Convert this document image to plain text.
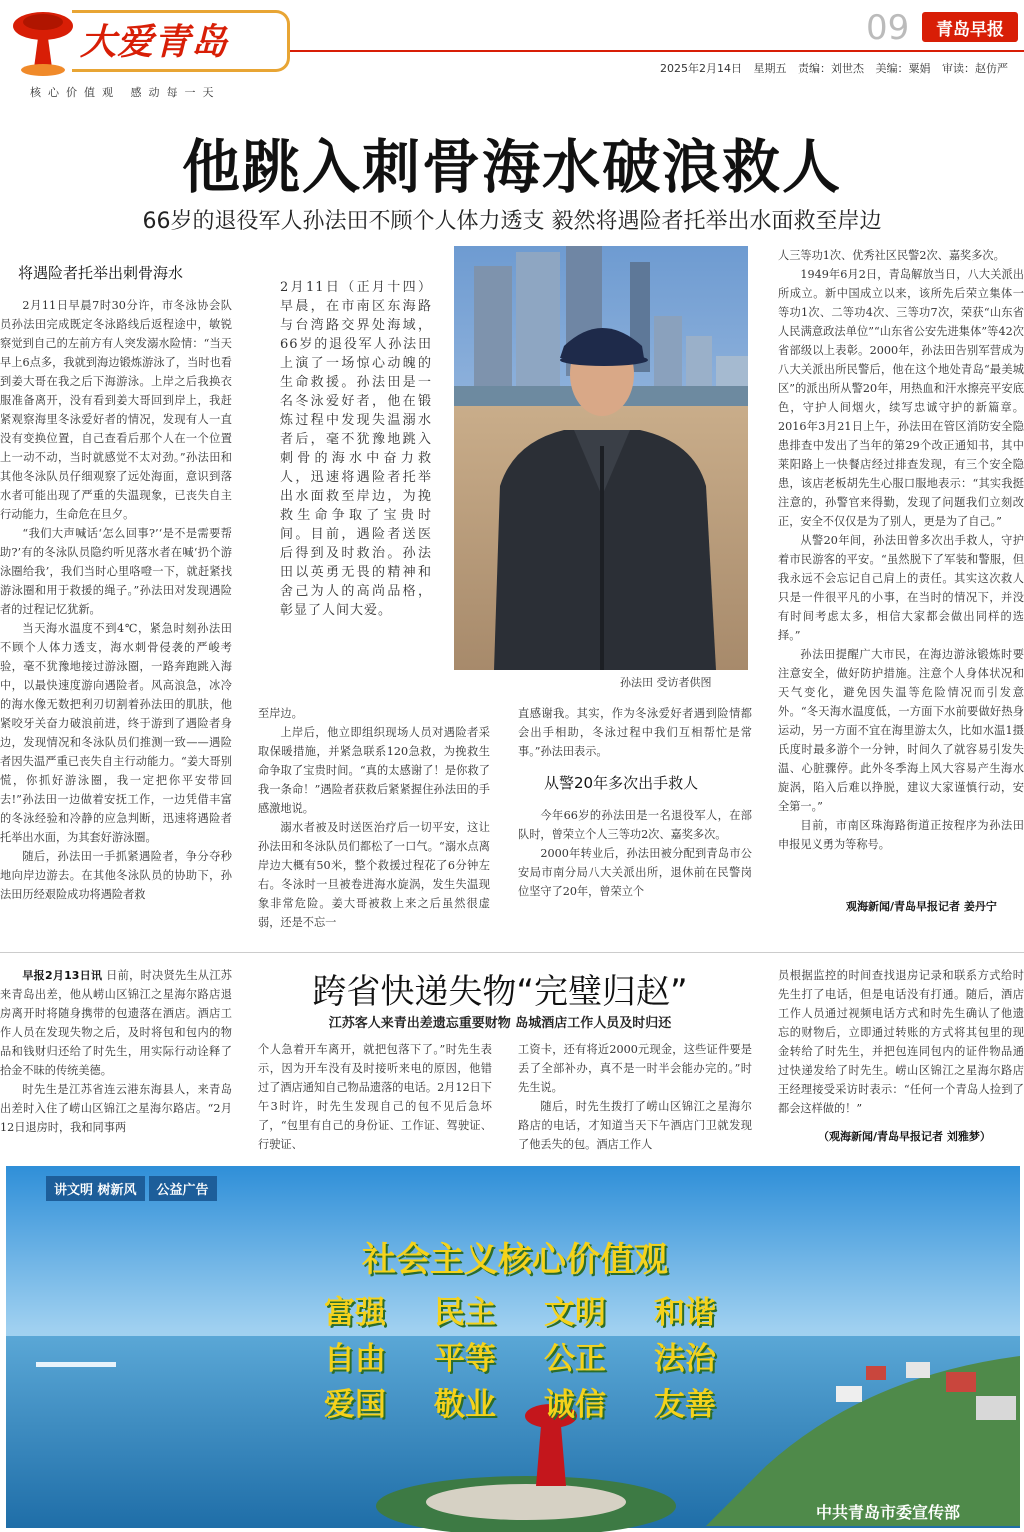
大爱青岛
核心价值观 感动每一天
09	青岛早报
2025年2月14日 星期五 责编：刘世杰 美编：粟娟 审读：赵仿严
他跳入刺骨海水破浪救人
66岁的退役军人孙法田不顾个人体力透支 毅然将遇险者托举出水面救至岸边
将遇险者托举出刺骨海水

2月11日早晨7时30分许，市冬泳协会队员孙法田完成既定冬泳路线后返程途中，敏锐察觉到自己的左前方有人突发溺水险情：“当天早上6点多，我就到海边锻炼游泳了，当时也看到姜大哥在我之后下海游泳。上岸之后我换衣服准备离开，没有看到姜大哥回到岸上，我赶紧观察海里冬泳爱好者的情况，发现有人一直没有变换位置，自己查看后那个人在一个位置上一动不动，当时就感觉不太对劲。”孙法田和其他冬泳队员仔细观察了远处海面，意识到落水者可能出现了严重的失温现象，已丧失自主行动能力，生命危在旦夕。

“我们大声喊话‘怎么回事?’‘是不是需要帮助?’有的冬泳队员隐约听见落水者在喊‘扔个游泳圈给我’，我们当时心里咯噔一下，就赶紧找游泳圈和用于救援的绳子。”孙法田对发现遇险者的过程记忆犹新。

当天海水温度不到4℃，紧急时刻孙法田不顾个人体力透支，海水刺骨侵袭的严峻考验，毫不犹豫地接过游泳圈，一路奔跑跳入海中，以最快速度游向遇险者。风高浪急，冰冷的海水像无数把利刃切割着孙法田的肌肤，他紧咬牙关奋力破浪前进，终于游到了遇险者身边，发现情况和冬泳队员们推测一致——遇险者因失温严重已丧失自主行动能力。“姜大哥别慌，你抓好游泳圈，我一定把你平安带回去!”孙法田一边做着安抚工作，一边凭借丰富的冬泳经验和冷静的应急判断，迅速将遇险者托举出水面，为其套好游泳圈。

随后，孙法田一手抓紧遇险者，争分夺秒地向岸边游去。在其他冬泳队员的协助下，孙法田历经艰险成功将遇险者救

2月11日（正月十四）早晨，在市南区东海路与台湾路交界处海域，66岁的退役军人孙法田上演了一场惊心动魄的生命救援。孙法田是一名冬泳爱好者，他在锻炼过程中发现失温溺水者后，毫不犹豫地跳入刺骨的海水中奋力救人，迅速将遇险者托举出水面救至岸边，为挽救生命争取了宝贵时间。目前，遇险者送医后得到及时救治。孙法田以英勇无畏的精神和舍己为人的高尚品格，彰显了人间大爱。
孙法田 受访者供图

至岸边。

上岸后，他立即组织现场人员对遇险者采取保暖措施，并紧急联系120急救，为挽救生命争取了宝贵时间。“真的太感谢了！是你救了我一条命！”遇险者获救后紧紧握住孙法田的手感激地说。

溺水者被及时送医治疗后一切平安，这让孙法田和冬泳队员们都松了一口气。“溺水点离岸边大概有50米，整个救援过程花了6分钟左右。冬泳时一旦被卷进海水旋涡，发生失温现象非常危险。姜大哥被救上来之后虽然很虚弱，还是不忘一

直感谢我。其实，作为冬泳爱好者遇到险情都会出手相助，冬泳过程中我们互相帮忙是常事。”孙法田表示。

从警20年多次出手救人

今年66岁的孙法田是一名退役军人，在部队时，曾荣立个人三等功2次、嘉奖多次。

2000年转业后，孙法田被分配到青岛市公安局市南分局八大关派出所，退休前在民警岗位坚守了20年，曾荣立个

人三等功1次、优秀社区民警2次、嘉奖多次。

1949年6月2日，青岛解放当日，八大关派出所成立。新中国成立以来，该所先后荣立集体一等功1次、二等功4次、三等功7次，荣获“山东省人民满意政法单位”“山东省公安先进集体”等42次省部级以上表彰。2000年，孙法田告别军营成为八大关派出所民警后，他在这个地处青岛“最美城区”的派出所从警20年，用热血和汗水擦亮平安底色，守护人间烟火，续写忠诚守护的新篇章。2016年3月21日上午，孙法田在管区消防安全隐患排查中发出了当年的第29个改正通知书，其中莱阳路上一快餐店经过排查发现，有三个安全隐患，该店老板胡先生心服口服地表示：“其实我挺注意的，孙警官来得勤，发现了问题我们立刻改正，安全不仅仅是为了别人，更是为了自己。”

从警20年间，孙法田曾多次出手救人，守护着市民游客的平安。“虽然脱下了军装和警服，但我永远不会忘记自己肩上的责任。其实这次救人只是一件很平凡的小事，在当时的情况下，并没有时间考虑太多，相信大家都会做出同样的选择。”

孙法田提醒广大市民，在海边游泳锻炼时要注意安全，做好防护措施。注意个人身体状况和天气变化，避免因失温等危险情况而引发意外。“冬天海水温度低，一方面下水前要做好热身运动，另一方面不宜在海里游太久，比如水温1摄氏度时最多游个一分钟，时间久了就容易引发失温、心脏骤停。此外冬季海上风大容易产生海水旋涡，陷入后难以挣脱，建议大家谨慎行动，安全第一。”

目前，市南区珠海路街道正按程序为孙法田申报见义勇为等称号。

观海新闻/青岛早报记者 姜丹宁
跨省快递失物“完璧归赵”
江苏客人来青出差遗忘重要财物 岛城酒店工作人员及时归还

早报2月13日讯 日前，时决贤先生从江苏来青岛出差，他从崂山区锦江之星海尔路店退房离开时将随身携带的包遗落在酒店。酒店工作人员在发现失物之后，及时将包和包内的物品和钱财归还给了时先生，用实际行动诠释了拾金不昧的传统美德。

时先生是江苏省连云港东海县人，来青岛出差时入住了崂山区锦江之星海尔路店。“2月12日退房时，我和同事两

个人急着开车离开，就把包落下了。”时先生表示，因为开车没有及时接听来电的原因，他错过了酒店通知自己物品遗落的电话。2月12日下午3时许，时先生发现自己的包不见后急坏了，“包里有自己的身份证、工作证、驾驶证、行驶证、

工资卡，还有将近2000元现金，这些证件要是丢了全部补办，真不是一时半会能办完的。”时先生说。

随后，时先生拨打了崂山区锦江之星海尔路店的电话，才知道当天下午酒店门卫就发现了他丢失的包。酒店工作人

员根据监控的时间查找退房记录和联系方式给时先生打了电话，但是电话没有打通。随后，酒店工作人员通过视频电话方式和时先生确认了他遗忘的财物后，立即通过转账的方式将其包里的现金转给了时先生，并把包连同包内的证件物品通过快递发给了时先生。崂山区锦江之星海尔路店王经理接受采访时表示：“任何一个青岛人捡到了都会这样做的！”

（观海新闻/青岛早报记者 刘雅梦）
讲文明 树新风 公益广告
社会主义核心价值观
富强	民主	文明	和谐
自由	平等	公正	法治
爱国	敬业	诚信	友善
中共青岛市委宣传部
